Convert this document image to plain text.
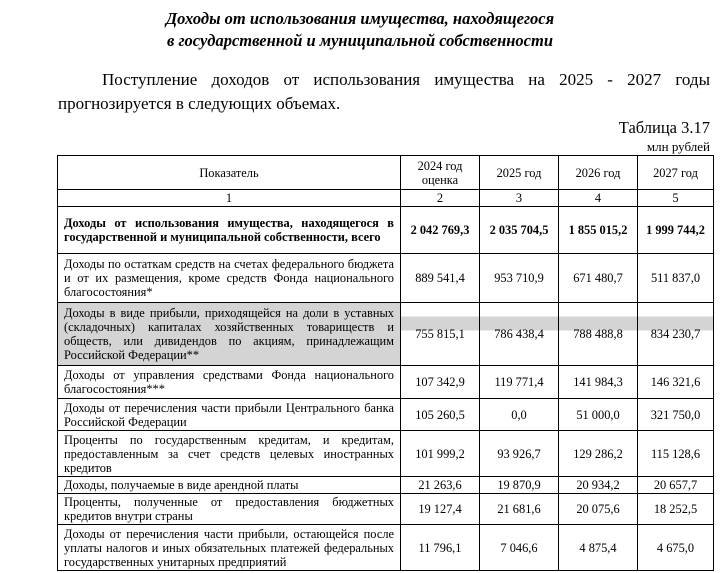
Доходы от использования имущества, находящегося
в государственной и муниципальной собственности
Поступление доходов от использования имущества на 2025 - 2027 годы прогнозируется в следующих объемах.
Таблица 3.17
млн рублей
Показатель	2024 год оценка	2025 год	2026 год	2027 год
1	2	3	4	5
Доходы от использования имущества, находящегося в государственной и муниципальной собственности, всего	2 042 769,3	2 035 704,5	1 855 015,2	1 999 744,2
Доходы по остаткам средств на счетах федерального бюджета и от их размещения, кроме средств Фонда национального благосостояния*	889 541,4	953 710,9	671 480,7	511 837,0
Доходы в виде прибыли, приходящейся на доли в уставных (складочных) капиталах хозяйственных товариществ и обществ, или дивидендов по акциям, принадлежащим Российской Федерации**	755 815,1	786 438,4	788 488,8	834 230,7
Доходы от управления средствами Фонда национального благосостояния***	107 342,9	119 771,4	141 984,3	146 321,6
Доходы от перечисления части прибыли Центрального банка Российской Федерации	105 260,5	0,0	51 000,0	321 750,0
Проценты по государственным кредитам, и кредитам, предоставленным за счет средств целевых иностранных кредитов	101 999,2	93 926,7	129 286,2	115 128,6
Доходы, получаемые в виде арендной платы	21 263,6	19 870,9	20 934,2	20 657,7
Проценты, полученные от предоставления бюджетных кредитов внутри страны	19 127,4	21 681,6	20 075,6	18 252,5
Доходы от перечисления части прибыли, остающейся после уплаты налогов и иных обязательных платежей федеральных государственных унитарных предприятий	11 796,1	7 046,6	4 875,4	4 675,0
